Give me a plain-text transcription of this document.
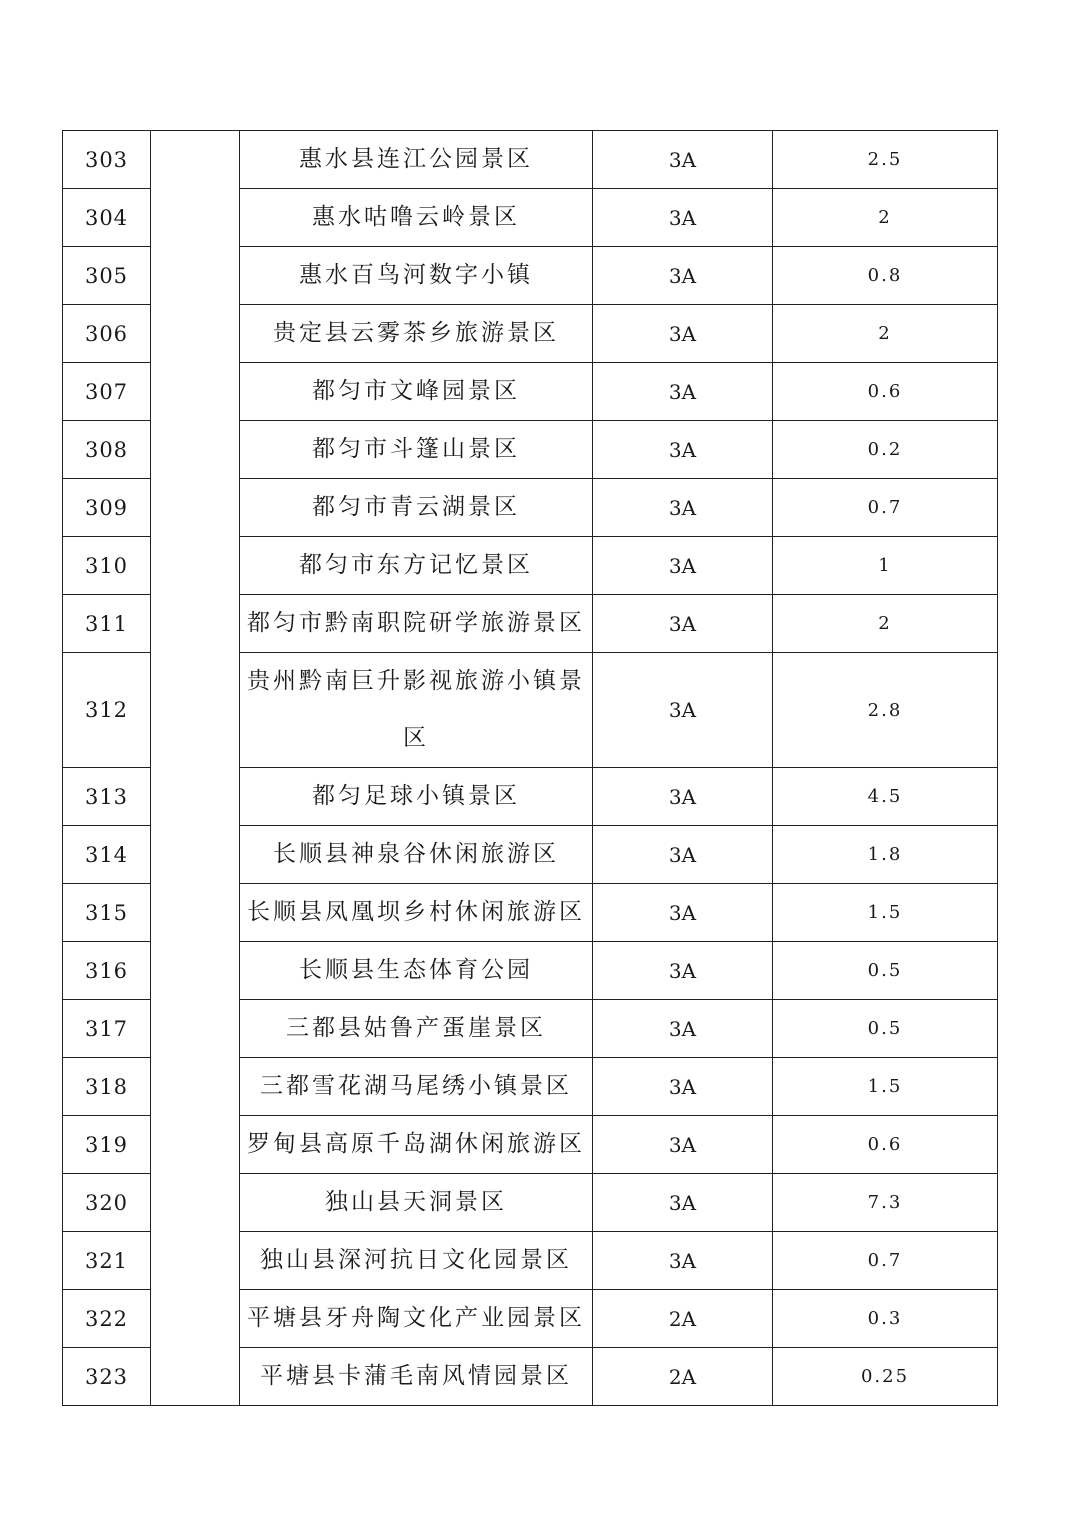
303		惠水县连江公园景区	3A	2.5
304		惠水咕噜云岭景区	3A	2
305		惠水百鸟河数字小镇	3A	0.8
306		贵定县云雾茶乡旅游景区	3A	2
307		都匀市文峰园景区	3A	0.6
308		都匀市斗篷山景区	3A	0.2
309		都匀市青云湖景区	3A	0.7
310		都匀市东方记忆景区	3A	1
311		都匀市黔南职院研学旅游景区	3A	2
312		贵州黔南巨升影视旅游小镇景区	3A	2.8
313		都匀足球小镇景区	3A	4.5
314		长顺县神泉谷休闲旅游区	3A	1.8
315		长顺县凤凰坝乡村休闲旅游区	3A	1.5
316		长顺县生态体育公园	3A	0.5
317		三都县姑鲁产蛋崖景区	3A	0.5
318		三都雪花湖马尾绣小镇景区	3A	1.5
319		罗甸县高原千岛湖休闲旅游区	3A	0.6
320		独山县天洞景区	3A	7.3
321		独山县深河抗日文化园景区	3A	0.7
322		平塘县牙舟陶文化产业园景区	2A	0.3
323		平塘县卡蒲毛南风情园景区	2A	0.25
